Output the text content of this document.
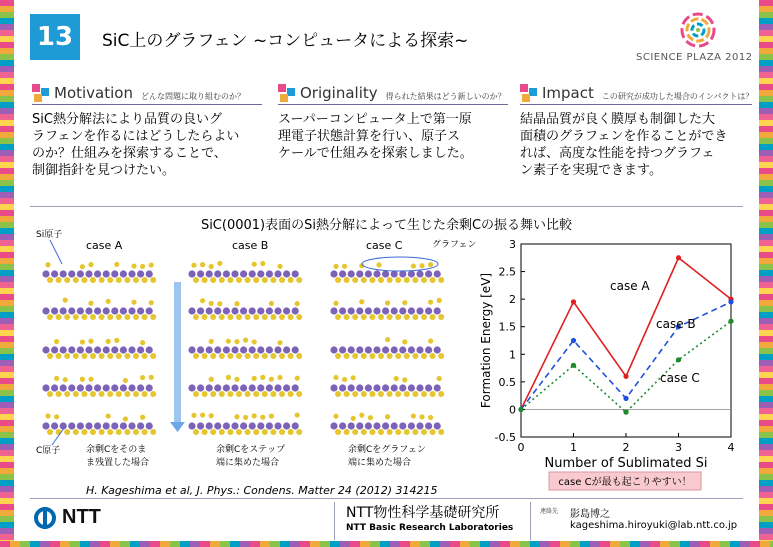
13	SiC上のグラフェン ~コンピュータによる探索~
SCIENCE PLAZA 2012
Motivation どんな問題に取り組むのか？
SiC熱分解法により品質の良いグ
ラフェンを作るにはどうしたらよい
のか？仕組みを探索することで、
制御指針を見つけたい。
Originality 得られた結果はどう新しいのか？
スーパーコンピュータ上で第一原
理電子状態計算を行い、原子ス
ケールで仕組みを探索しました。
Impact この研究が成功した場合のインパクトは？
結晶品質が良く膜厚も制御した大
面積のグラフェンを作ることができ
れば、高度な性能を持つグラフェ
ン素子を実現できます。
SiC(0001)表面のSi熱分解によって生じた余剰Cの振る舞い比較
case A	case B	case C
Si原子
C原子
グラフェン
余剰Cをそのま
ま残置した場合
余剰Cをステップ
端に集めた場合
余剰Cをグラフェン
端に集めた場合
-0.5
0
0.5
1
1.5
2
2.5
3
0	1	2	3	4
Number of Sublimated Si
Formation Energy [eV]	case A
case B
case C
case Cが最も起こりやすい！
H. Kageshima et al, J. Phys.: Condens. Matter 24 (2012) 314215
NTT	NTT物性科学基礎研究所
NTT Basic Research Laboratories
連絡先 影島博之
kageshima.hiroyuki@lab.ntt.co.jp
